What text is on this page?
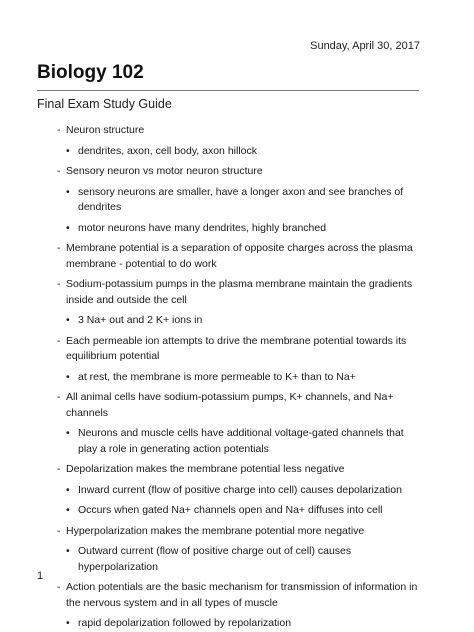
Sunday, April 30, 2017
Biology 102
Final Exam Study Guide
- Neuron structure
• dendrites, axon, cell body, axon hillock
- Sensory neuron vs motor neuron structure
• sensory neurons are smaller, have a longer axon and see branches of dendrites
• motor neurons have many dendrites, highly branched
- Membrane potential is a separation of opposite charges across the plasma membrane - potential to do work
- Sodium-potassium pumps in the plasma membrane maintain the gradients inside and outside the cell
• 3 Na+ out and 2 K+ ions in
- Each permeable ion attempts to drive the membrane potential towards its equilibrium potential
• at rest, the membrane is more permeable to K+ than to Na+
- All animal cells have sodium-potassium pumps, K+ channels, and Na+ channels
• Neurons and muscle cells have additional voltage-gated channels that play a role in generating action potentials
- Depolarization makes the membrane potential less negative
• Inward current (flow of positive charge into cell) causes depolarization
• Occurs when gated Na+ channels open and Na+ diffuses into cell
- Hyperpolarization makes the membrane potential more negative
• Outward current (flow of positive charge out of cell) causes hyperpolarization
- Action potentials are the basic mechanism for transmission of information in the nervous system and in all types of muscle
• rapid depolarization followed by repolarization
1
